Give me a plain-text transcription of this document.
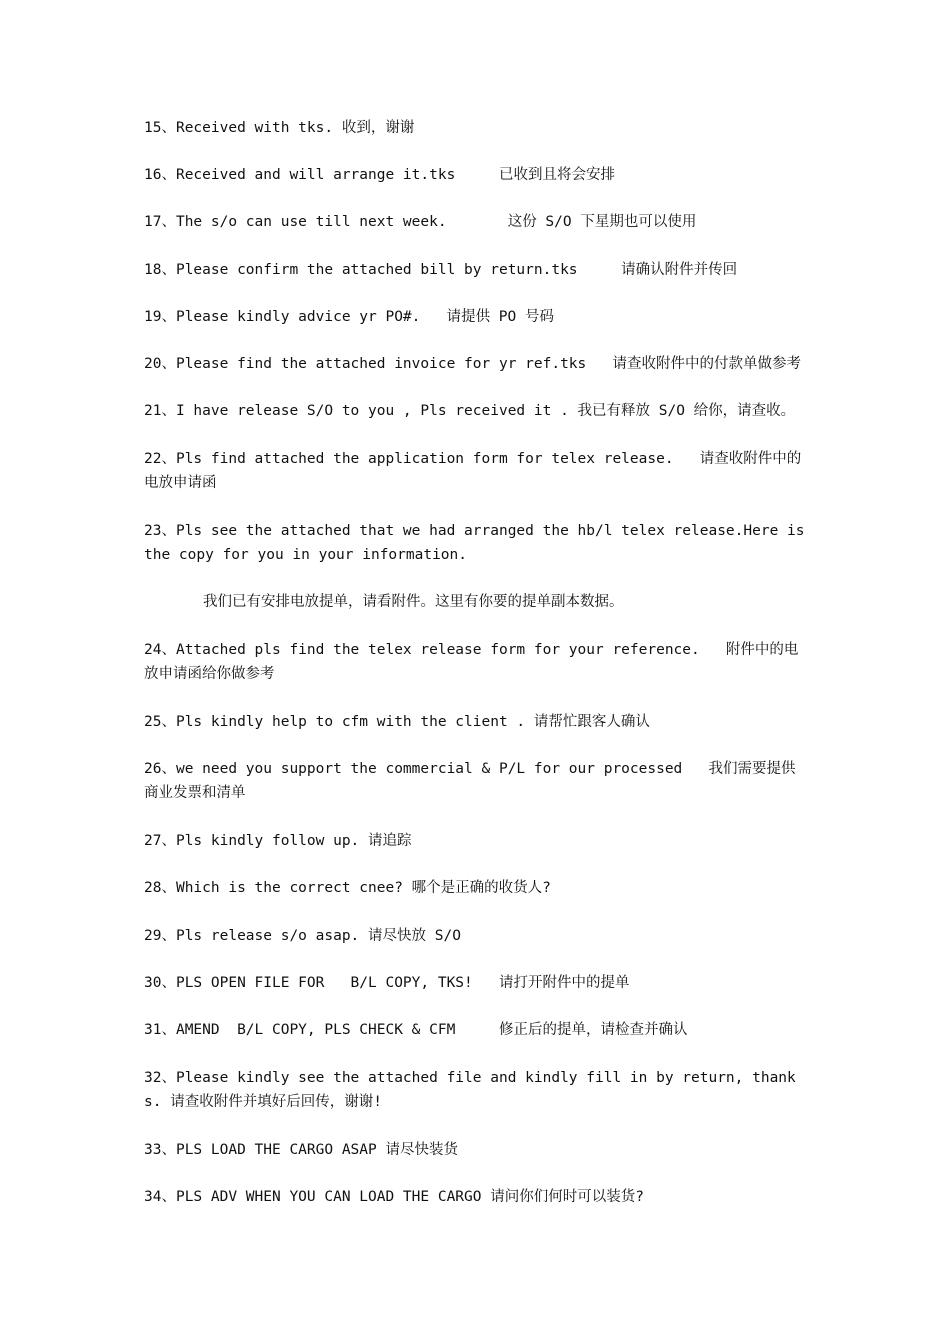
15、Received with tks. 收到，谢谢
16、Received and will arrange it.tks     已收到且将会安排
17、The s/o can use till next week.       这份 S/O 下星期也可以使用
18、Please confirm the attached bill by return.tks     请确认附件并传回
19、Please kindly advice yr PO#.   请提供 PO 号码
20、Please find the attached invoice for yr ref.tks   请查收附件中的付款单做参考
21、I have release S/O to you , Pls received it . 我已有释放 S/O 给你，请查收。
22、Pls find attached the application form for telex release.   请查收附件中的电放申请函
23、Pls see the attached that we had arranged the hb/l telex release.Here is the copy for you in your information.
我们已有安排电放提单，请看附件。这里有你要的提单副本数据。
24、Attached pls find the telex release form for your reference.   附件中的电放申请函给你做参考
25、Pls kindly help to cfm with the client . 请帮忙跟客人确认
26、we need you support the commercial & P/L for our processed   我们需要提供商业发票和清单
27、Pls kindly follow up. 请追踪
28、Which is the correct cnee? 哪个是正确的收货人?
29、Pls release s/o asap. 请尽快放 S/O
30、PLS OPEN FILE FOR   B/L COPY, TKS!   请打开附件中的提单
31、AMEND  B/L COPY, PLS CHECK & CFM     修正后的提单，请检查并确认
32、Please kindly see the attached file and kindly fill in by return, thanks. 请查收附件并填好后回传，谢谢!
33、PLS LOAD THE CARGO ASAP 请尽快装货
34、PLS ADV WHEN YOU CAN LOAD THE CARGO 请问你们何时可以装货?
